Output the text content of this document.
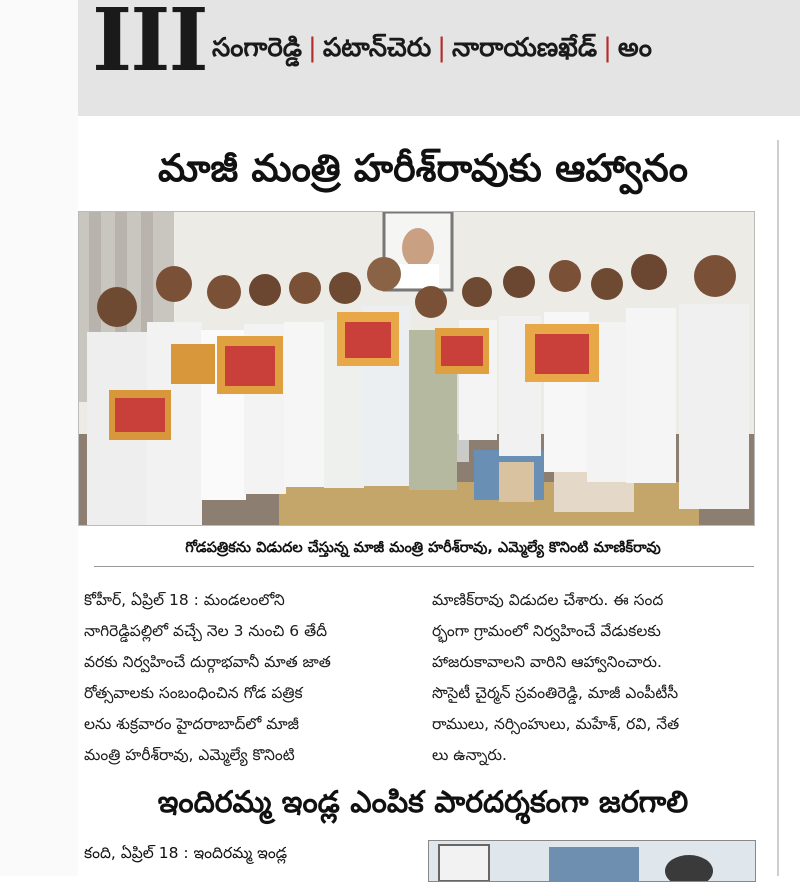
III సంగారెడ్డి | పటాన్‌చెరు | నారాయణఖేడ్ | అం
మాజీ మంత్రి హరీశ్‌రావుకు ఆహ్వానం
గోడపత్రికను విడుదల చేస్తున్న మాజీ మంత్రి హరీశ్‌రావు, ఎమ్మెల్యే కొనింటి మాణిక్‌రావు
కోహీర్, ఏప్రిల్ 18 : మండలంలోని
నాగిరెడ్డిపల్లిలో వచ్చే నెల 3 నుంచి 6 తేదీ
వరకు నిర్వహించే దుర్గాభవానీ మాత జాత
రోత్సవాలకు సంబంధించిన గోడ పత్రిక
లను శుక్రవారం హైదరాబాద్‌లో మాజీ
మంత్రి హరీశ్‌రావు, ఎమ్మెల్యే కొనింటి
మాణిక్‌రావు విడుదల చేశారు. ఈ సంద
ర్భంగా గ్రామంలో నిర్వహించే వేడుకలకు
హాజరుకావాలని వారిని ఆహ్వానించారు.
సొసైటీ చైర్మన్ స్రవంతిరెడ్డి, మాజీ ఎంపీటీసీ
రాములు, నర్సింహులు, మహేశ్, రవి, నేత
లు ఉన్నారు.
ఇందిరమ్మ ఇండ్ల ఎంపిక పారదర్శకంగా జరగాలి
కంది, ఏప్రిల్ 18 : ఇందిరమ్మ ఇండ్ల
